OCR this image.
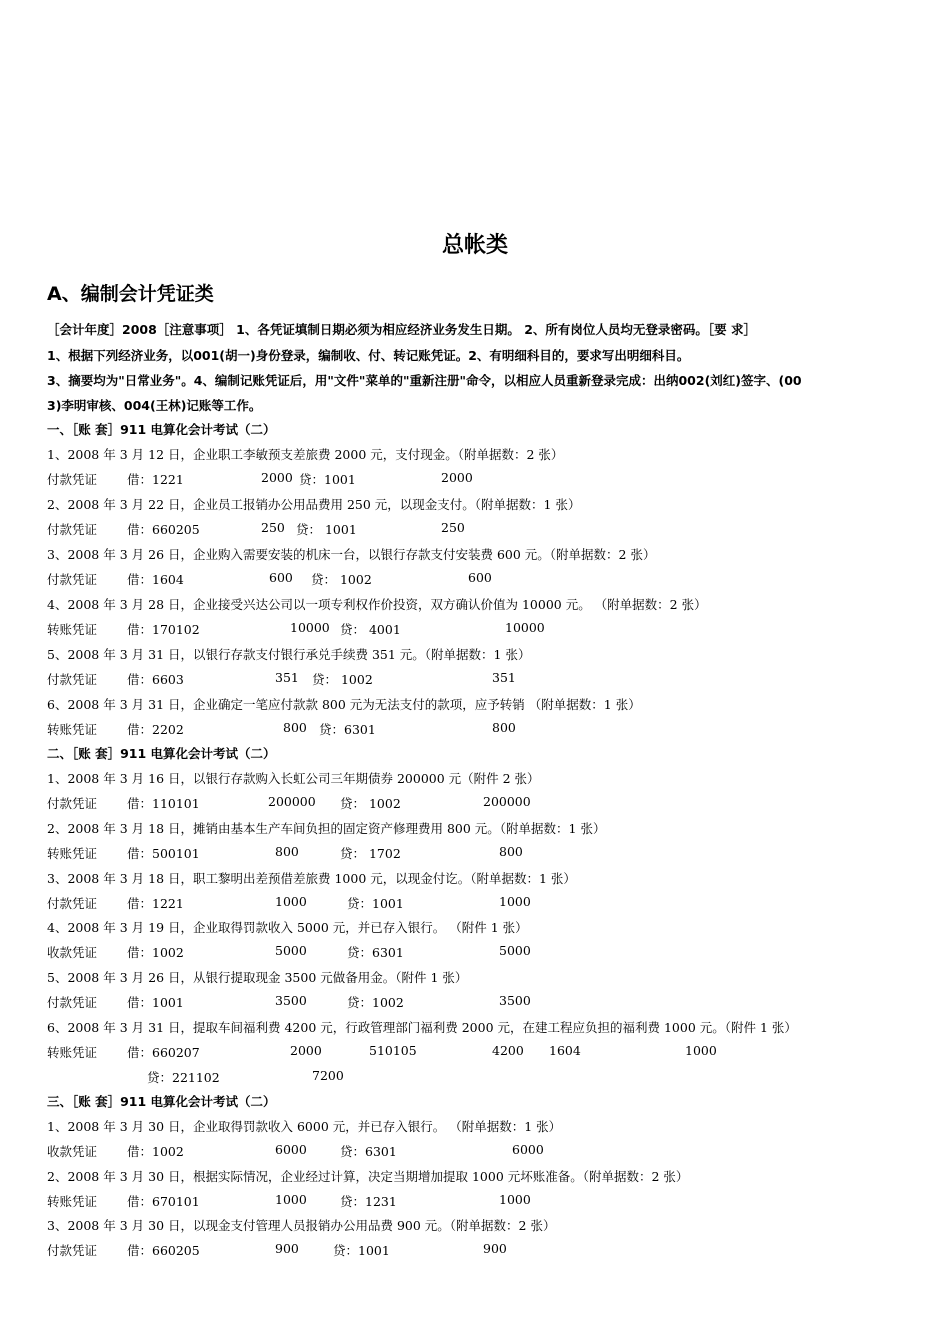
总帐类
A、编制会计凭证类
［会计年度］2008［注意事项］ 1、各凭证填制日期必须为相应经济业务发生日期。 2、所有岗位人员均无登录密码。［要 求］
1、根据下列经济业务，以001(胡一)身份登录，编制收、付、转记账凭证。2、有明细科目的，要求写出明细科目。
3、摘要均为"日常业务"。4、编制记账凭证后，用"文件"菜单的"重新注册"命令，以相应人员重新登录完成：出纳002(刘红)签字、(00
3)李明审核、004(王林)记账等工作。
一、［账 套］911 电算化会计考试（二）
1、2008 年 3 月 12 日，企业职工李敏预支差旅费 2000 元，支付现金。（附单据数：2 张）
付款凭证 借：1221	2000 贷：1001	2000
2、2008 年 3 月 22 日，企业员工报销办公用品费用 250 元，以现金支付。（附单据数：1 张）
付款凭证 借：660205	250 贷： 1001	250
3、2008 年 3 月 26 日，企业购入需要安装的机床一台，以银行存款支付安装费 600 元。（附单据数：2 张）
付款凭证 借：1604	600 贷： 1002	600
4、2008 年 3 月 28 日，企业接受兴达公司以一项专利权作价投资，双方确认价值为 10000 元。 （附单据数：2 张）
转账凭证 借：170102	10000 贷： 4001	10000
5、2008 年 3 月 31 日，以银行存款支付银行承兑手续费 351 元。（附单据数：1 张）
付款凭证 借：6603	351 贷： 1002	351
6、2008 年 3 月 31 日，企业确定一笔应付款款 800 元为无法支付的款项，应予转销 （附单据数：1 张）
转账凭证 借：2202	800 贷：6301	800
二、［账 套］911 电算化会计考试（二）
1、2008 年 3 月 16 日，以银行存款购入长虹公司三年期债券 200000 元（附件 2 张）
付款凭证 借：110101	200000 贷： 1002	200000
2、2008 年 3 月 18 日，摊销由基本生产车间负担的固定资产修理费用 800 元。（附单据数：1 张）
转账凭证 借：500101	800	贷： 1702	800
3、2008 年 3 月 18 日，职工黎明出差预借差旅费 1000 元，以现金付讫。（附单据数：1 张）
付款凭证 借：1221	1000	贷：1001	1000
4、2008 年 3 月 19 日，企业取得罚款收入 5000 元，并已存入银行。 （附件 1 张）
收款凭证 借：1002	5000	贷：6301	5000
5、2008 年 3 月 26 日，从银行提取现金 3500 元做备用金。（附件 1 张）
付款凭证 借：1001	3500	贷：1002	3500
6、2008 年 3 月 31 日，提取车间福利费 4200 元，行政管理部门福利费 2000 元，在建工程应负担的福利费 1000 元。（附件 1 张）
转账凭证 借：660207	2000	510105	4200 1604	1000
贷：221102	7200
三、［账 套］911 电算化会计考试（二）
1、2008 年 3 月 30 日，企业取得罚款收入 6000 元，并已存入银行。 （附单据数：1 张）
收款凭证 借：1002	6000	贷：6301	6000
2、2008 年 3 月 30 日，根据实际情况，企业经过计算，决定当期增加提取 1000 元坏账准备。（附单据数：2 张）
转账凭证 借：670101	1000	贷：1231	1000
3、2008 年 3 月 30 日，以现金支付管理人员报销办公用品费 900 元。（附单据数：2 张）
付款凭证 借：660205	900	贷：1001	900
